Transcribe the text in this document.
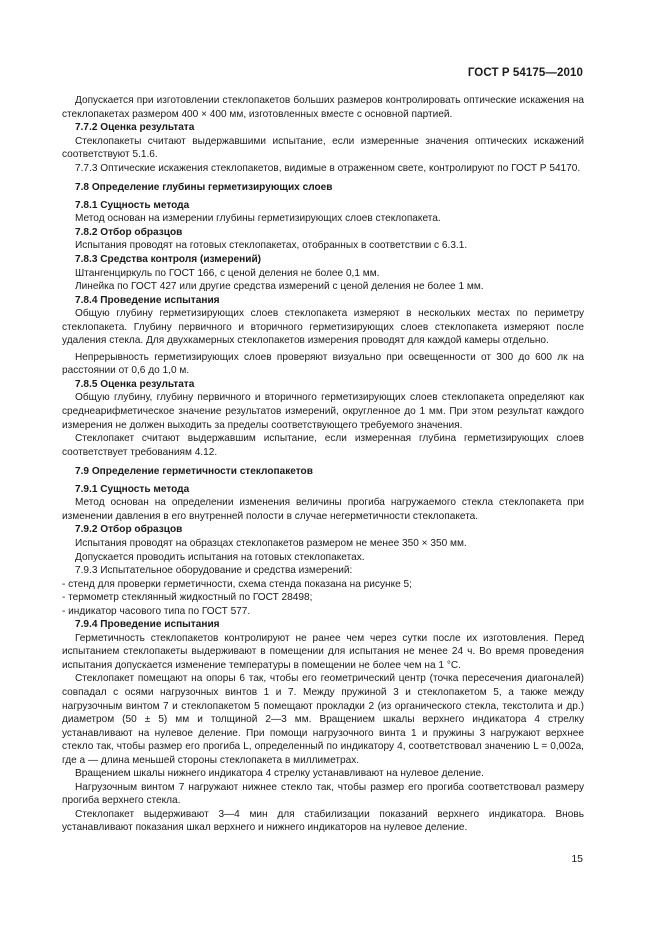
ГОСТ Р 54175—2010
Допускается при изготовлении стеклопакетов больших размеров контролировать оптические искажения на стеклопакетах размером 400 × 400 мм, изготовленных вместе с основной партией.
7.7.2 Оценка результата
Стеклопакеты считают выдержавшими испытание, если измеренные значения оптических искажений соответствуют 5.1.6.
7.7.3 Оптические искажения стеклопакетов, видимые в отраженном свете, контролируют по ГОСТ Р 54170.
7.8 Определение глубины герметизирующих слоев
7.8.1 Сущность метода
Метод основан на измерении глубины герметизирующих слоев стеклопакета.
7.8.2 Отбор образцов
Испытания проводят на готовых стеклопакетах, отобранных в соответствии с 6.3.1.
7.8.3 Средства контроля (измерений)
Штангенциркуль по ГОСТ 166, с ценой деления не более 0,1 мм.
Линейка по ГОСТ 427 или другие средства измерений с ценой деления не более 1 мм.
7.8.4 Проведение испытания
Общую глубину герметизирующих слоев стеклопакета измеряют в нескольких местах по периметру стеклопакета. Глубину первичного и вторичного герметизирующих слоев стеклопакета измеряют после удаления стекла. Для двухкамерных стеклопакетов измерения проводят для каждой камеры отдельно.
Непрерывность герметизирующих слоев проверяют визуально при освещенности от 300 до 600 лк на расстоянии от 0,6 до 1,0 м.
7.8.5 Оценка результата
Общую глубину, глубину первичного и вторичного герметизирующих слоев стеклопакета определяют как среднеарифметическое значение результатов измерений, округленное до 1 мм. При этом результат каждого измерения не должен выходить за пределы соответствующего требуемого значения.
Стеклопакет считают выдержавшим испытание, если измеренная глубина герметизирующих слоев соответствует требованиям 4.12.
7.9 Определение герметичности стеклопакетов
7.9.1 Сущность метода
Метод основан на определении изменения величины прогиба нагружаемого стекла стеклопакета при изменении давления в его внутренней полости в случае негерметичности стеклопакета.
7.9.2 Отбор образцов
Испытания проводят на образцах стеклопакетов размером не менее 350 × 350 мм.
Допускается проводить испытания на готовых стеклопакетах.
7.9.3 Испытательное оборудование и средства измерений:
- стенд для проверки герметичности, схема стенда показана на рисунке 5;
- термометр стеклянный жидкостный по ГОСТ 28498;
- индикатор часового типа по ГОСТ 577.
7.9.4 Проведение испытания
Герметичность стеклопакетов контролируют не ранее чем через сутки после их изготовления. Перед испытанием стеклопакеты выдерживают в помещении для испытания не менее 24 ч. Во время проведения испытания допускается изменение температуры в помещении не более чем на 1 °С.
Стеклопакет помещают на опоры 6 так, чтобы его геометрический центр (точка пересечения диагоналей) совпадал с осями нагрузочных винтов 1 и 7. Между пружиной 3 и стеклопакетом 5, а также между нагрузочным винтом 7 и стеклопакетом 5 помещают прокладки 2 (из органического стекла, текстолита и др.) диаметром (50 ± 5) мм и толщиной 2—3 мм. Вращением шкалы верхнего индикатора 4 стрелку устанавливают на нулевое деление. При помощи нагрузочного винта 1 и пружины 3 нагружают верхнее стекло так, чтобы размер его прогиба L, определенный по индикатору 4, соответствовал значению L = 0,002a, где a — длина меньшей стороны стеклопакета в миллиметрах.
Вращением шкалы нижнего индикатора 4 стрелку устанавливают на нулевое деление.
Нагрузочным винтом 7 нагружают нижнее стекло так, чтобы размер его прогиба соответствовал размеру прогиба верхнего стекла.
Стеклопакет выдерживают 3—4 мин для стабилизации показаний верхнего индикатора. Вновь устанавливают показания шкал верхнего и нижнего индикаторов на нулевое деление.
15
